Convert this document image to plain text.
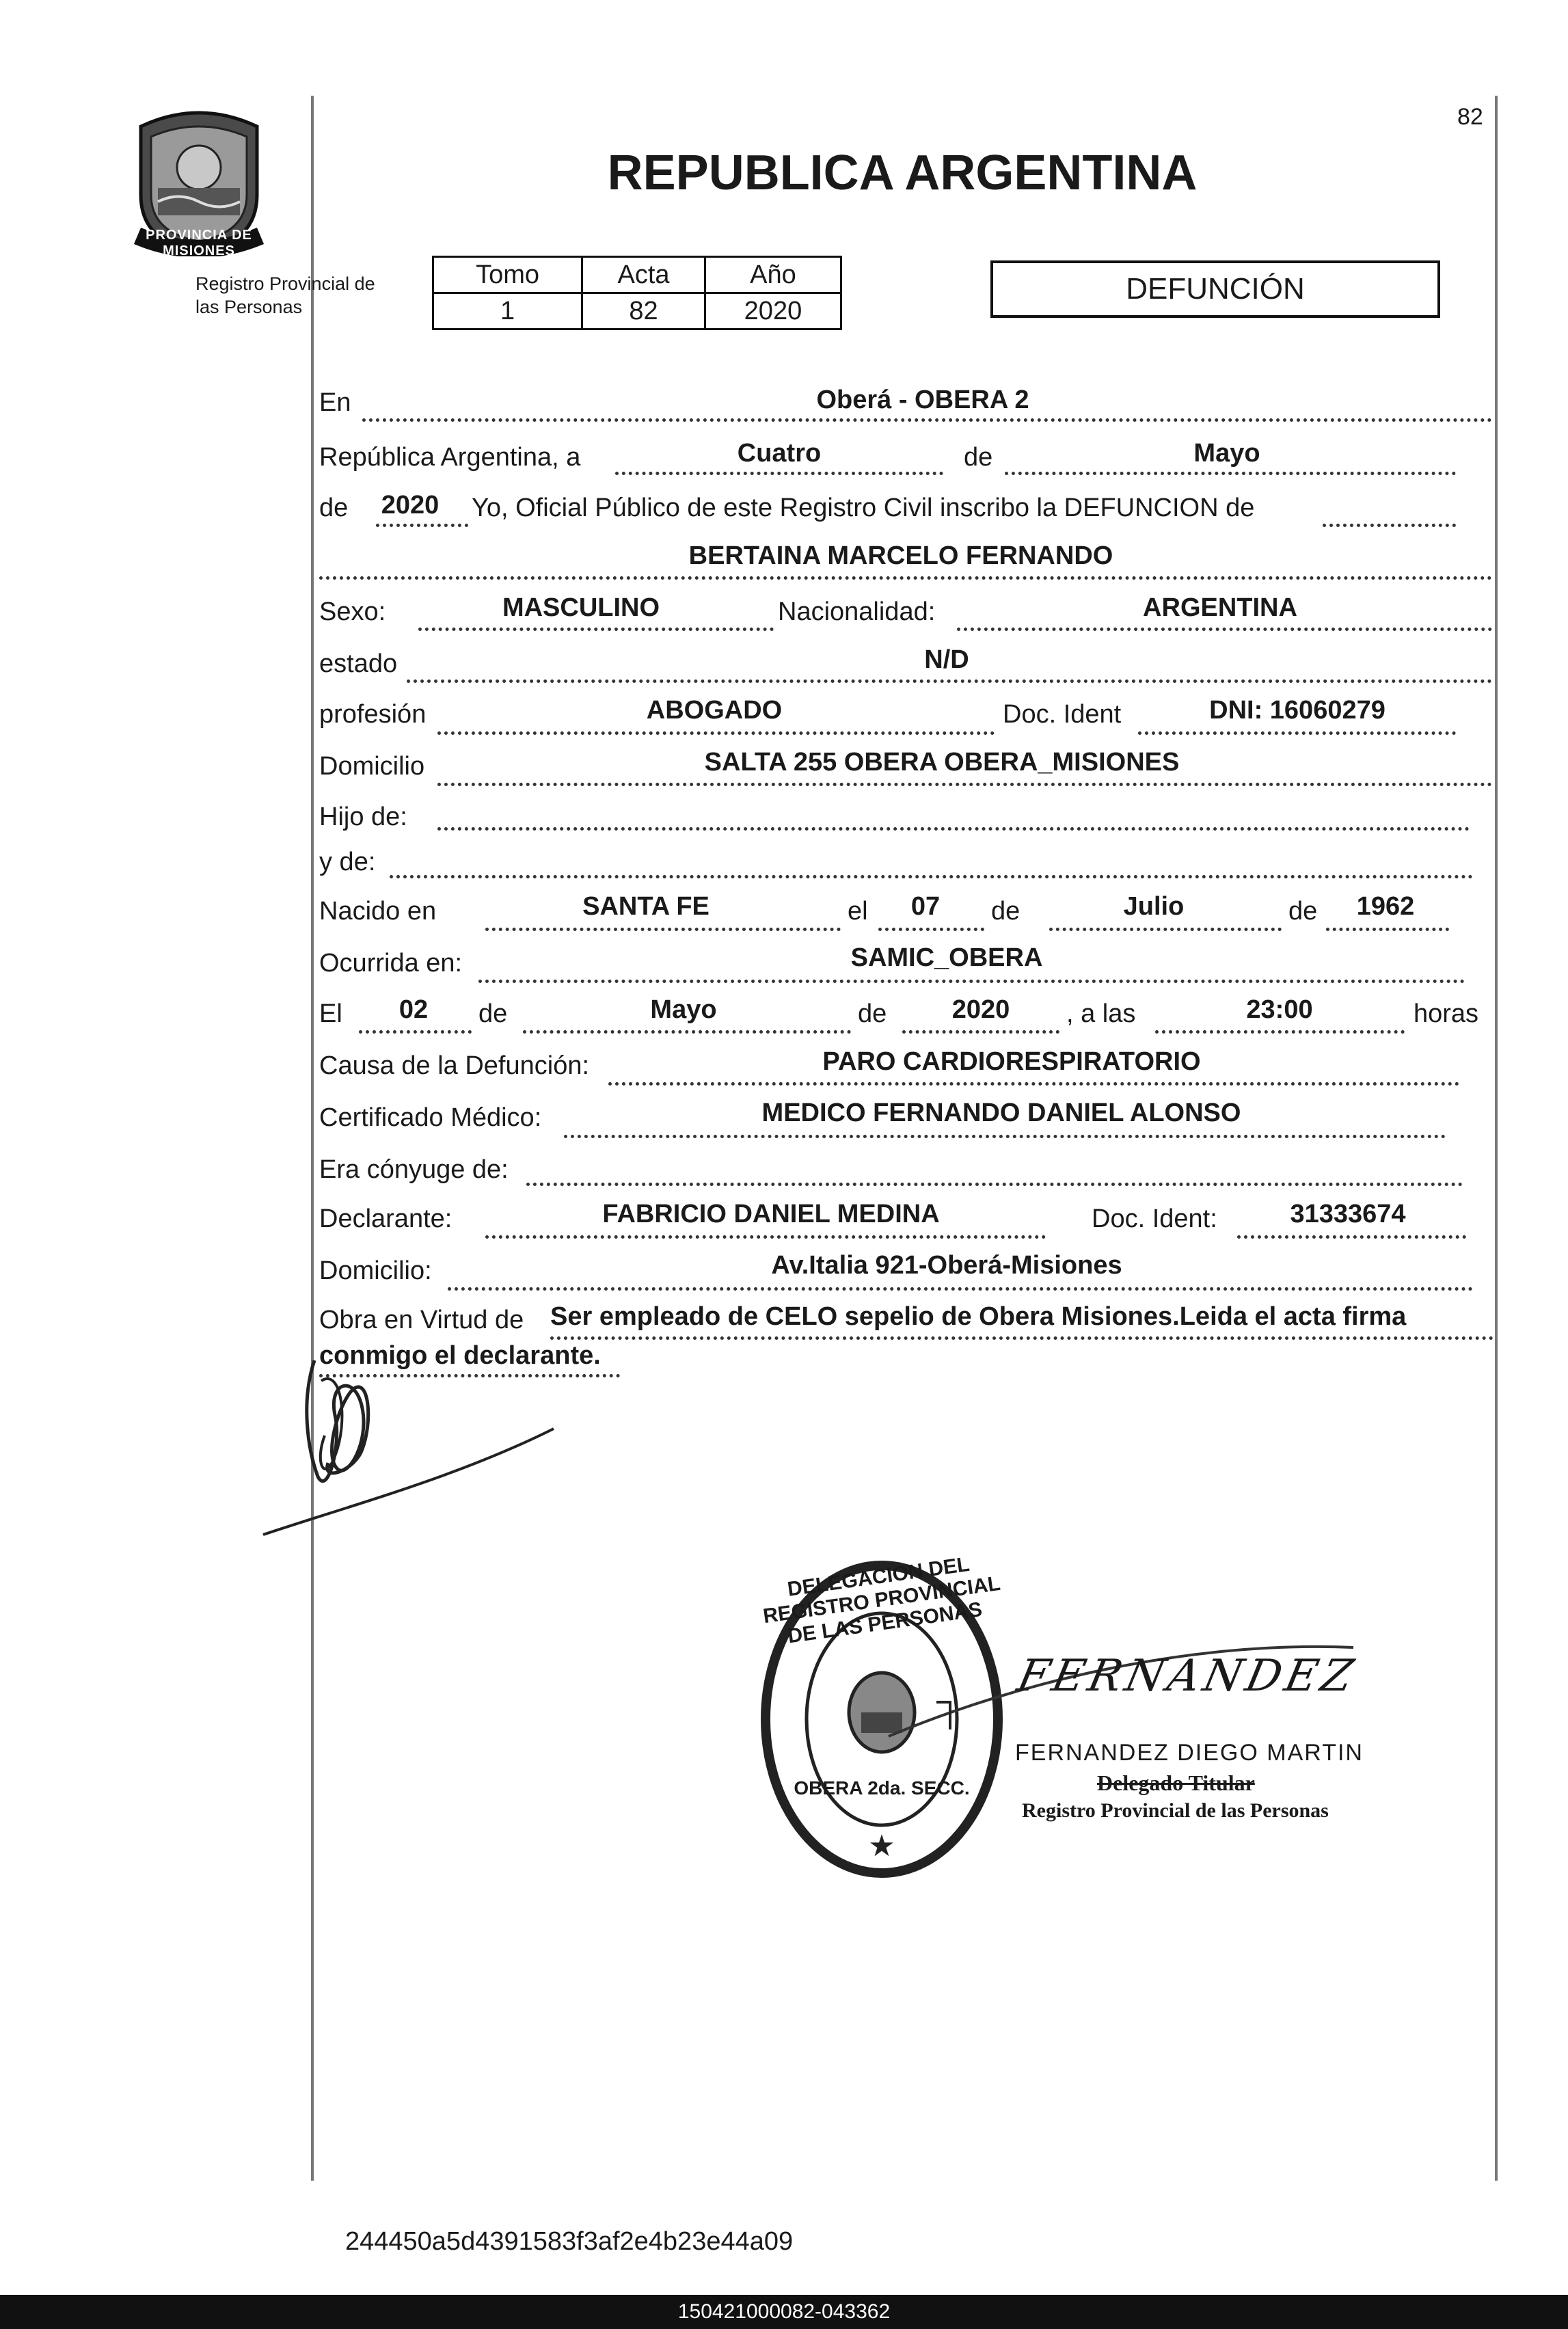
82
PROVINCIA DE MISIONES
Registro Provincial de
las Personas
REPUBLICA ARGENTINA
Tomo	Acta	Año
1	82	2020
DEFUNCIÓN
En	Oberá - OBERA 2
República Argentina, a	Cuatro	de	Mayo
de 2020 Yo, Oficial Público de este Registro Civil inscribo la DEFUNCION de
BERTAINA MARCELO FERNANDO
Sexo:	MASCULINO	Nacionalidad:	ARGENTINA
estado	N/D
profesión	ABOGADO	Doc. Ident	DNI: 16060279
Domicilio	SALTA 255 OBERA OBERA_MISIONES
Hijo de:
y de:
Nacido en	SANTA FE	el 07 de	Julio	de 1962
Ocurrida en:	SAMIC_OBERA
El 02 de	Mayo	de	2020 , a las	23:00	horas
Causa de la Defunción:	PARO CARDIORESPIRATORIO
Certificado Médico:	MEDICO FERNANDO DANIEL ALONSO
Era cónyuge de:
Declarante:	FABRICIO DANIEL MEDINA	Doc. Ident:	31333674
Domicilio:	Av.Italia 921-Oberá-Misiones
Obra en Virtud de Ser empleado de CELO sepelio de Obera Misiones.Leida el acta firma
conmigo el declarante.
★
DELEGACION DEL REGISTRO PROVINCIAL DE LAS PERSONAS
OBERA 2da. SECC.
FERNANDEZ
FERNANDEZ DIEGO MARTIN
Delegado Titular
Registro Provincial de las Personas
244450a5d4391583f3af2e4b23e44a09
150421000082-043362
